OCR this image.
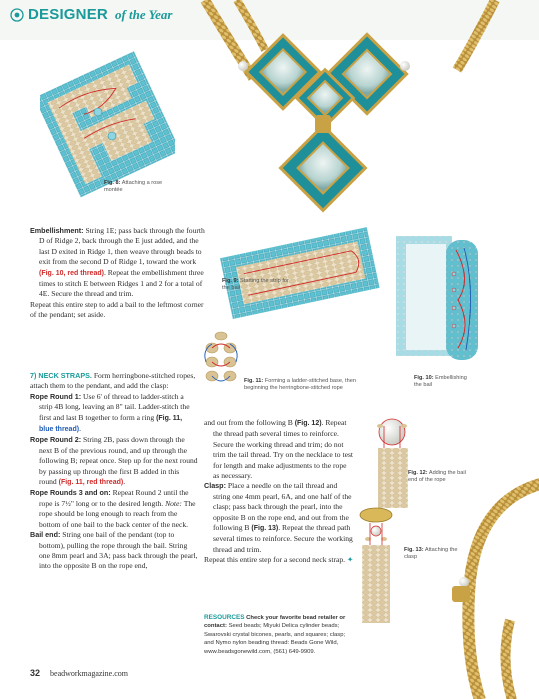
DESIGNER of the Year
Fig. 8: Attaching a rose montée
Fig. 9: Starting the strip for the bail
Fig. 10: Embellishing the bail
Fig. 11: Forming a ladder-stitched base, then beginning the herringbone-stitched rope
Fig. 12: Adding the bail end of the rope
Fig. 13: Attaching the clasp

Embellishment: String 1E; pass back through the fourth D of Ridge 2, back through the E just added, and the last D exited in Ridge 1, then weave through beads to exit from the second D of Ridge 1, toward the work (Fig. 10, red thread). Repeat the embellishment three times to stitch E between Ridges 1 and 2 for a total of 4E. Secure the thread and trim.

Repeat this entire step to add a bail to the leftmost corner of the pendant; set aside.

7) NECK STRAPS. Form herringbone-stitched ropes, attach them to the pendant, and add the clasp:

Rope Round 1: Use 6' of thread to ladder-stitch a strip 4B long, leaving an 8" tail. Ladder-stitch the first and last B together to form a ring (Fig. 11, blue thread).

Rope Round 2: String 2B, pass down through the next B of the previous round, and up through the following B; repeat once. Step up for the next round by passing up through the first B added in this round (Fig. 11, red thread).

Rope Rounds 3 and on: Repeat Round 2 until the rope is 7½" long or to the desired length. Note: The rope should be long enough to reach from the bottom of one bail to the back center of the neck.

Bail end: String one bail of the pendant (top to bottom), pulling the rope through the bail. String one 8mm pearl and 3A; pass back through the pearl, into the opposite B on the rope end,

and out from the following B (Fig. 12). Repeat the thread path several times to reinforce. Secure the working thread and trim; do not trim the tail thread. Try on the necklace to test for length and make adjustments to the rope as necessary.

Clasp: Place a needle on the tail thread and string one 4mm pearl, 6A, and one half of the clasp; pass back through the pearl, into the opposite B on the rope end, and out from the following B (Fig. 13). Repeat the thread path several times to reinforce. Secure the working thread and trim.

Repeat this entire step for a second neck strap. ✦

RESOURCES Check your favorite bead retailer or contact: Seed beads; Miyuki Delica cylinder beads; Swarovski crystal bicones, pearls, and squares; clasp; and Nymo nylon beading thread: Beads Gone Wild, www.beadsgonewild.com, (561) 649-9909.
32 beadworkmagazine.com
